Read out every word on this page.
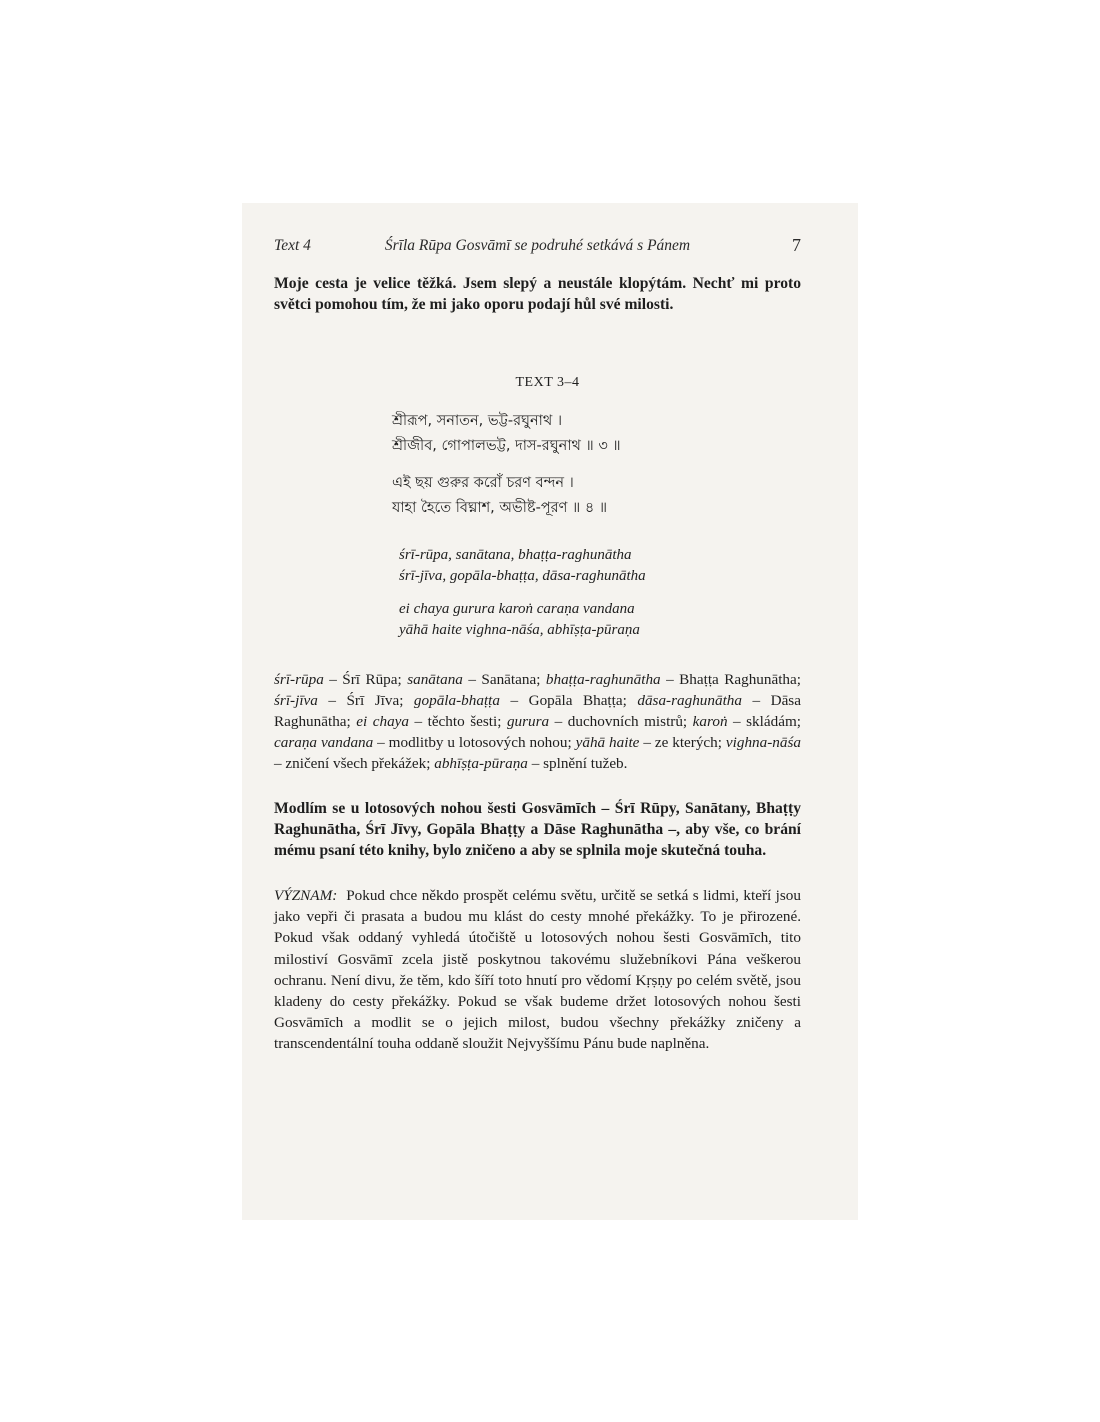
Text 4	Śrīla Rūpa Gosvāmī se podruhé setkává s Pánem	7

Moje cesta je velice těžká. Jsem slepý a neustále klopýtám. Nechť mi proto světci pomohou tím, že mi jako oporu podají hůl své milosti.

TEXT 3–4
শ্রীরূপ, সনাতন, ভট্ট-রঘুনাথ ।
শ্রীজীব, গোপালভট্ট, দাস-রঘুনাথ ॥ ৩ ॥
এই ছয় গুরুর করোঁ চরণ বন্দন ।
যাহা হৈতে বিঘ্নাশ, অভীষ্ট-পূরণ ॥ ৪ ॥
śrī-rūpa, sanātana, bhaṭṭa-raghunātha
śrī-jīva, gopāla-bhaṭṭa, dāsa-raghunātha
ei chaya gurura karoṅ caraṇa vandana
yāhā haite vighna-nāśa, abhīṣṭa-pūraṇa

śrī-rūpa – Śrī Rūpa; sanātana – Sanātana; bhaṭṭa-raghunātha – Bhaṭṭa Raghunātha; śrī-jīva – Śrī Jīva; gopāla-bhaṭṭa – Gopāla Bhaṭṭa; dāsa-raghunātha – Dāsa Raghunātha; ei chaya – těchto šesti; gurura – duchovních mistrů; karoṅ – skládám; caraṇa vandana – modlitby u lotosových nohou; yāhā haite – ze kterých; vighna-nāśa – zničení všech překážek; abhīṣṭa-pūraṇa – splnění tužeb.

Modlím se u lotosových nohou šesti Gosvāmīch – Śrī Rūpy, Sanātany, Bhaṭṭy Raghunātha, Śrī Jīvy, Gopāla Bhaṭṭy a Dāse Raghunātha –, aby vše, co brání mému psaní této knihy, bylo zničeno a aby se splnila moje skutečná touha.

VÝZNAM: Pokud chce někdo prospět celému světu, určitě se setká s lidmi, kteří jsou jako vepři či prasata a budou mu klást do cesty mnohé překážky. To je přirozené. Pokud však oddaný vyhledá útočiště u lotosových nohou šesti Gosvāmīch, tito milostiví Gosvāmī zcela jistě poskytnou takovému služebníkovi Pána veškerou ochranu. Není divu, že těm, kdo šíří toto hnutí pro vědomí Kṛṣṇy po celém světě, jsou kladeny do cesty překážky. Pokud se však budeme držet lotosových nohou šesti Gosvāmīch a modlit se o jejich milost, budou všechny překážky zničeny a transcendentální touha oddaně sloužit Nejvyššímu Pánu bude naplněna.
